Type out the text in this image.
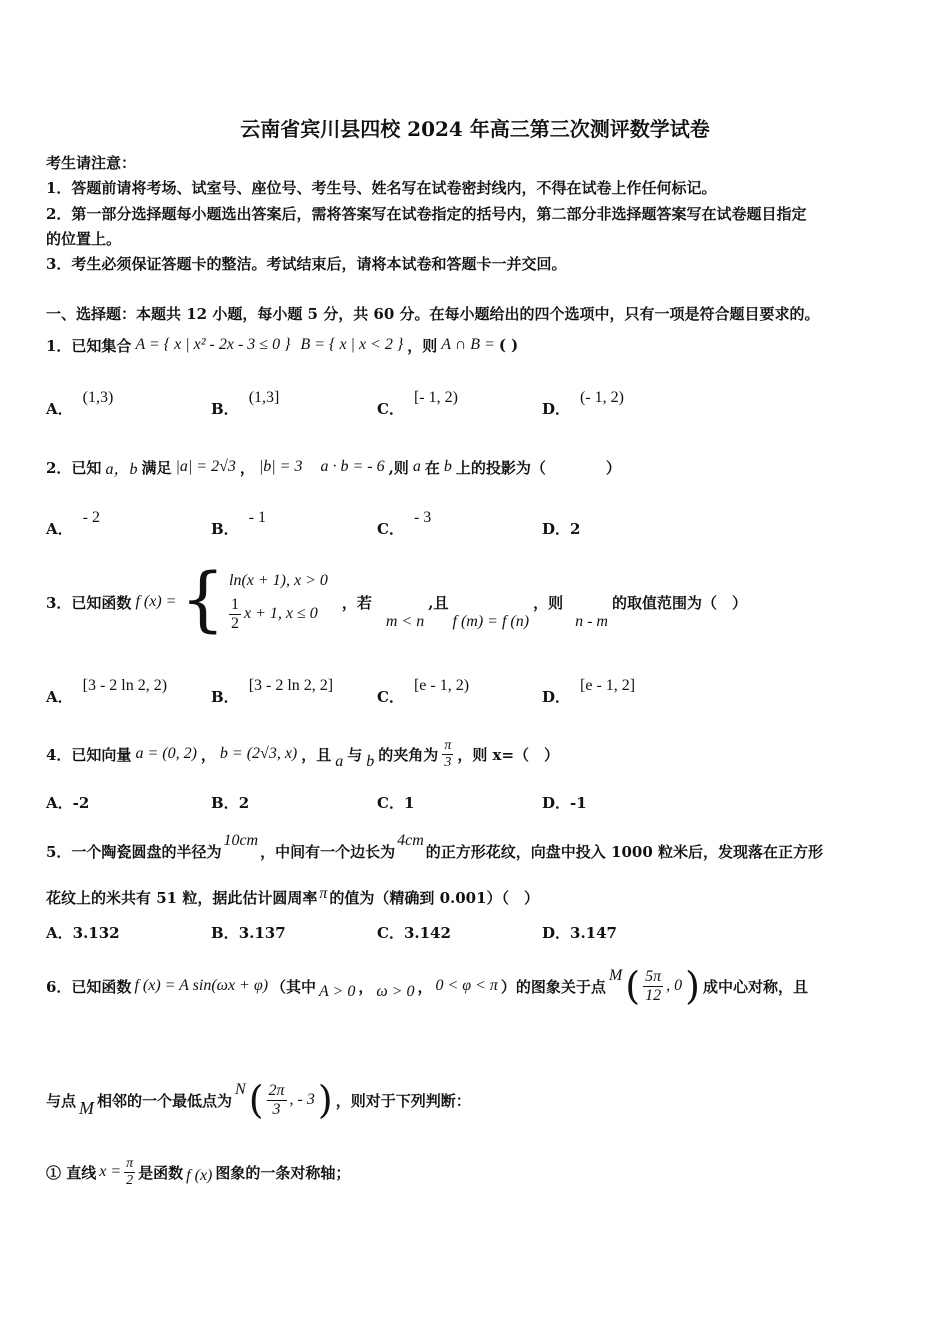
云南省宾川县四校 2024 年高三第三次测评数学试卷
考生请注意：
1．答题前请将考场、试室号、座位号、考生号、姓名写在试卷密封线内，不得在试卷上作任何标记。
2．第一部分选择题每小题选出答案后，需将答案写在试卷指定的括号内，第二部分非选择题答案写在试卷题目指定
的位置上。
3．考生必须保证答题卡的整洁。考试结束后，请将本试卷和答题卡一并交回。
一、选择题：本题共 12 小题，每小题 5 分，共 60 分。在每小题给出的四个选项中，只有一项是符合题目要求的。
1．已知集合 A = { x | x² - 2x - 3 ≤ 0 } B = { x | x < 2 } ，则 A ∩ B = ( )
A．(1,3)
B．(1,3]
C．[- 1, 2)
D．(- 1, 2)
2．已知 a，b 满足 |a| = 2√3 ， |b| = 3 a · b = - 6 ,则 a 在 b 上的投影为（　　　　）
A．- 2
B．- 1
C．- 3
D．2
3．已知函数 f (x) = { ln(x + 1), x > 0
$\frac{1}{2}$ x + 1, x ≤ 0
，若
m < n
,且
f (m) = f (n)
，则
n - m
的取值范围为（　）
A．[3 - 2 ln 2, 2)
B．[3 - 2 ln 2, 2]
C．[e - 1, 2)
D．[e - 1, 2]
4．已知向量 a = (0, 2) ， b = (2√3, x) ，且 a 与 b 的夹角为 $\frac{\pi}{3}$ ，则 x=（　）
A．-2	B．2	C．1	D．-1
5．一个陶瓷圆盘的半径为
10cm
，中间有一个边长为
4cm
的正方形花纹，向盘中投入 1000 粒米后，发现落在正方形
花纹上的米共有 51 粒，据此估计圆周率 π 的值为（精确到 0.001）（　）
A．3.132	B．3.137	C．3.142	D．3.147
6．已知函数 f (x) = A sin(ωx + φ) （其中 A > 0 ， ω > 0 ， 0 < φ < π ）的图象关于点
M ( $\frac{5\pi}{12}$ , 0 ) 成中心对称，且
与点 M 相邻的一个最低点为
N ( $\frac{2\pi}{3}$ , - 3 ) ，则对于下列判断：
① 直线 $x = \frac{\pi}{2}$ 是函数 f (x) 图象的一条对称轴；
